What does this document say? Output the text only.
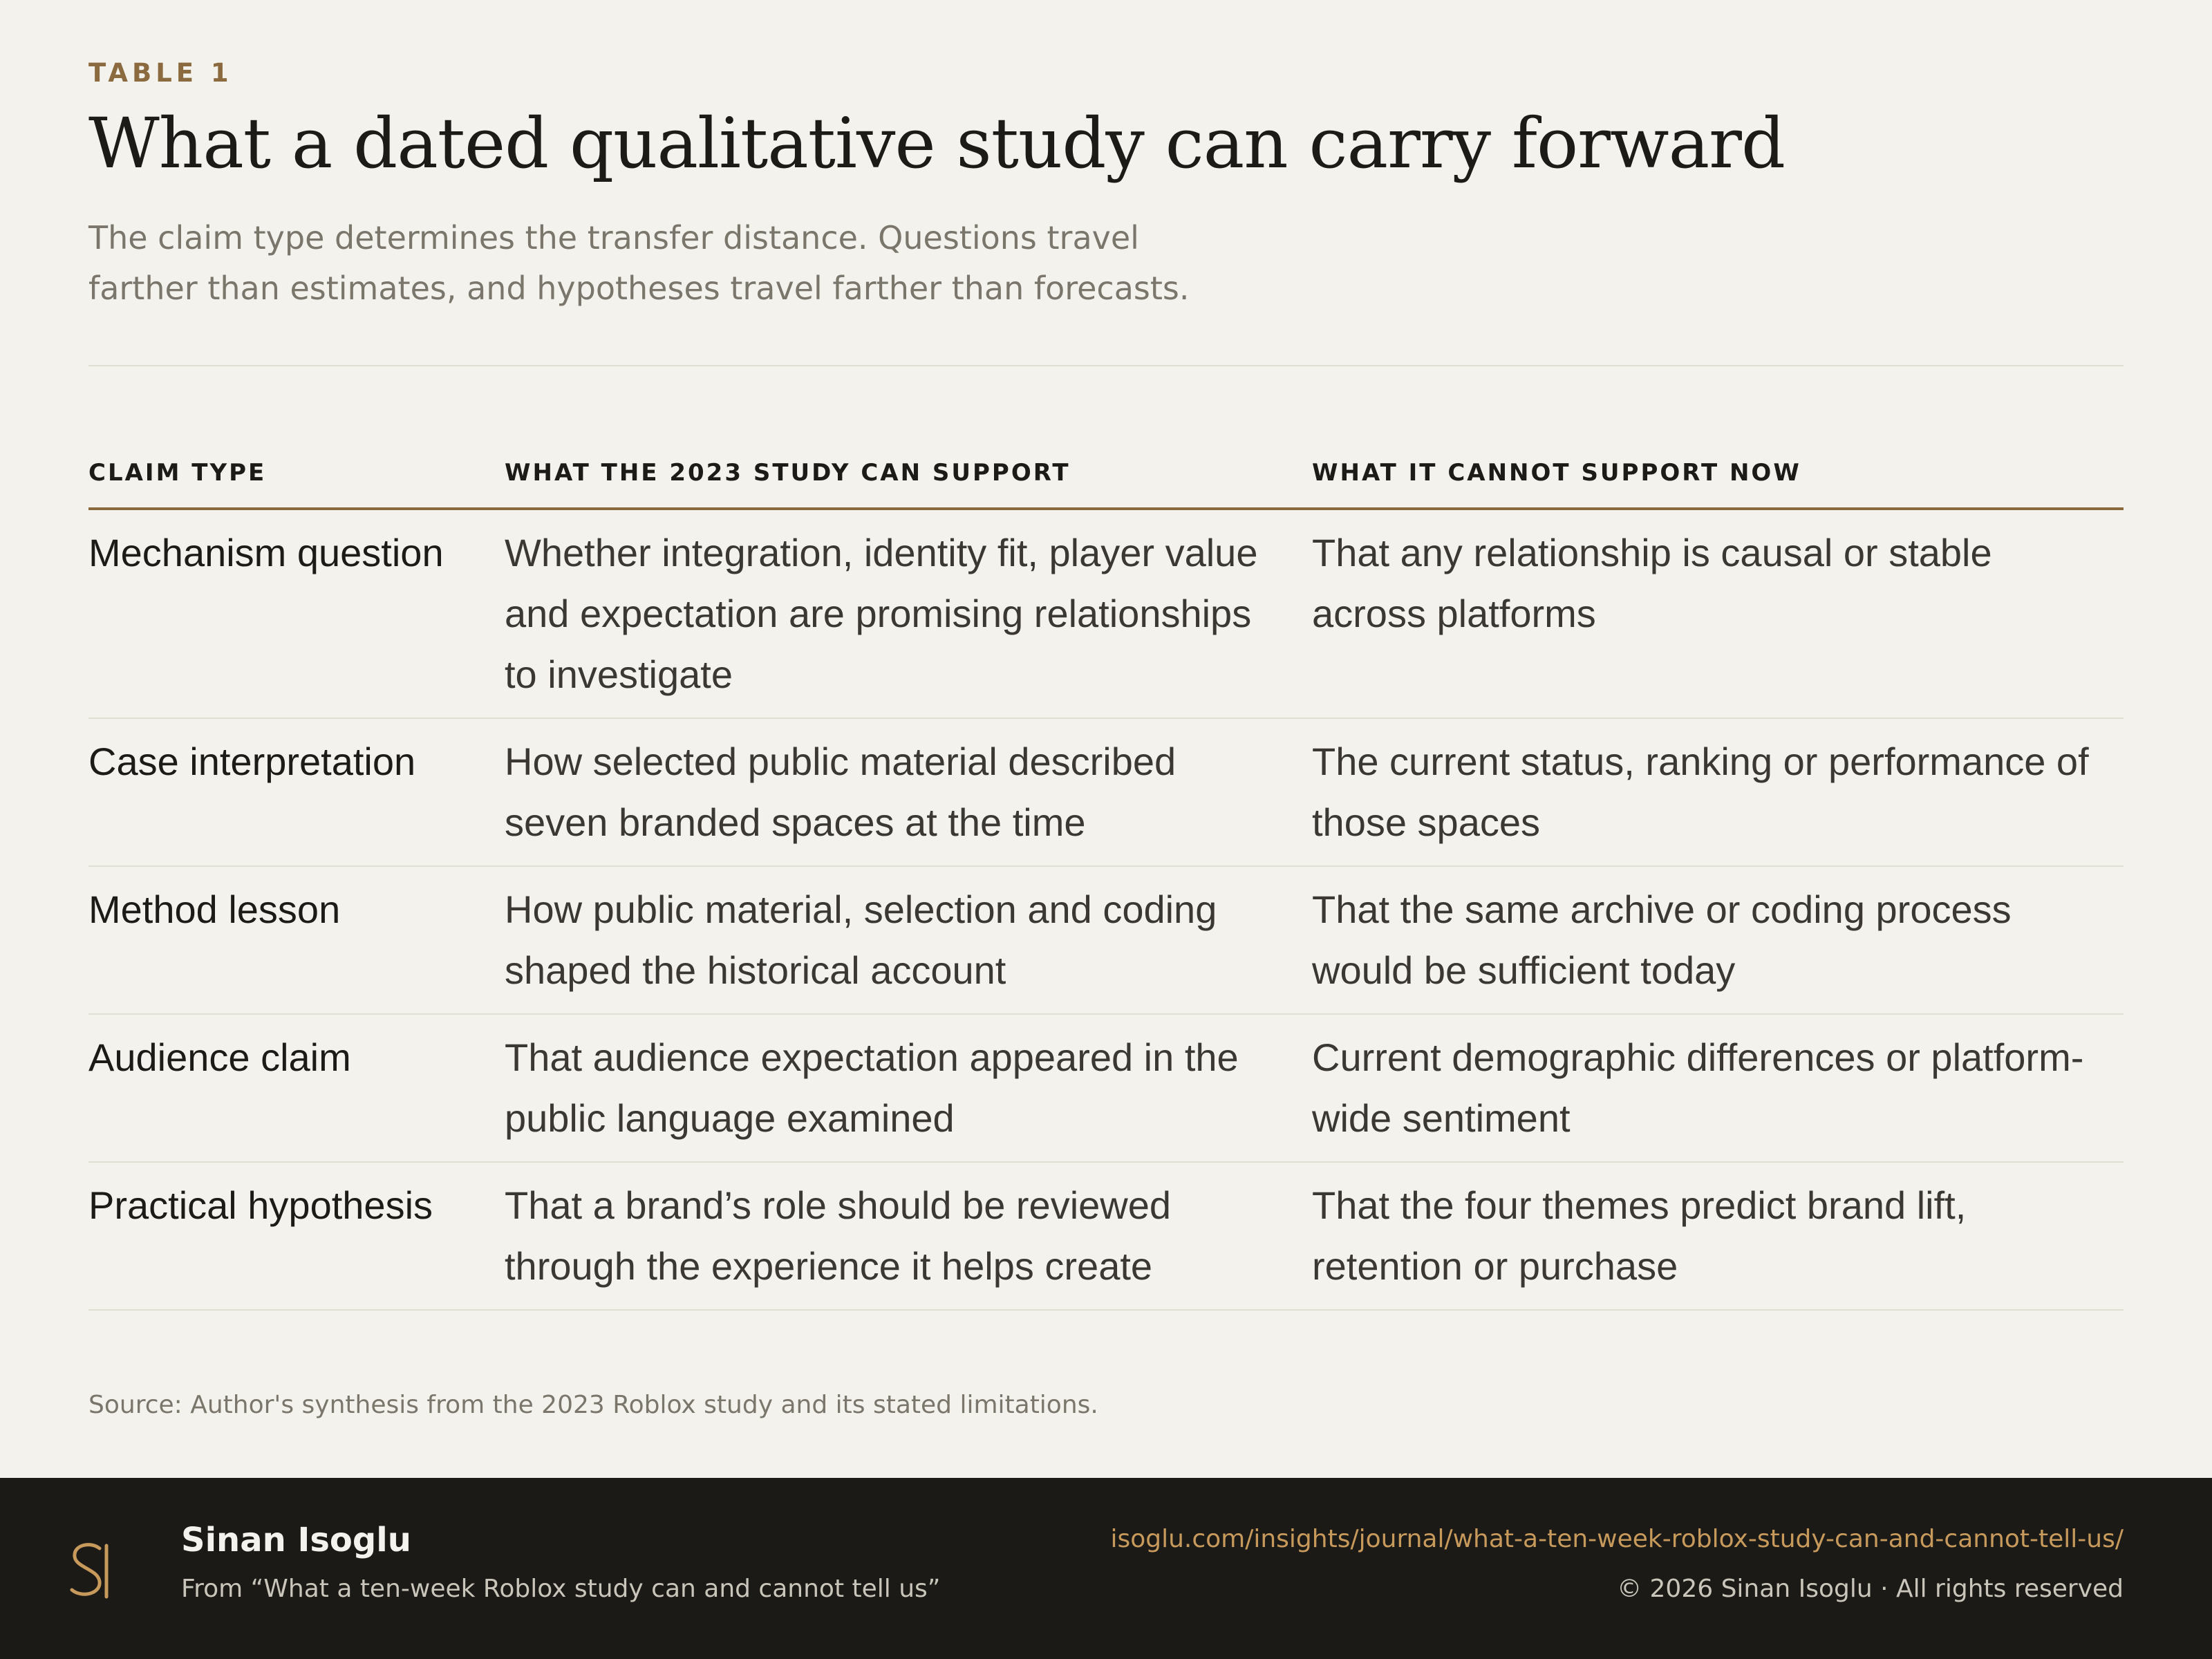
TABLE 1
What a dated qualitative study can carry forward

The claim type determines the transfer distance. Questions travel farther than estimates, and hypotheses travel farther than forecasts.

CLAIM TYPE	WHAT THE 2023 STUDY CAN SUPPORT	WHAT IT CANNOT SUPPORT NOW
Mechanism question	Whether integration, identity fit, player value and expectation are promising relationships to investigate	That any relationship is causal or stable across platforms
Case interpretation	How selected public material described seven branded spaces at the time	The current status, ranking or performance of those spaces
Method lesson	How public material, selection and coding shaped the historical account	That the same archive or coding process would be sufficient today
Audience claim	That audience expectation appeared in the public language examined	Current demographic differences or platform-wide sentiment
Practical hypothesis	That a brand’s role should be reviewed through the experience it helps create	That the four themes predict brand lift, retention or purchase
Source: Author's synthesis from the 2023 Roblox study and its stated limitations.
Sinan Isoglu
From “What a ten-week Roblox study can and cannot tell us”
isoglu.com/insights/journal/what-a-ten-week-roblox-study-can-and-cannot-tell-us/
© 2026 Sinan Isoglu · All rights reserved
